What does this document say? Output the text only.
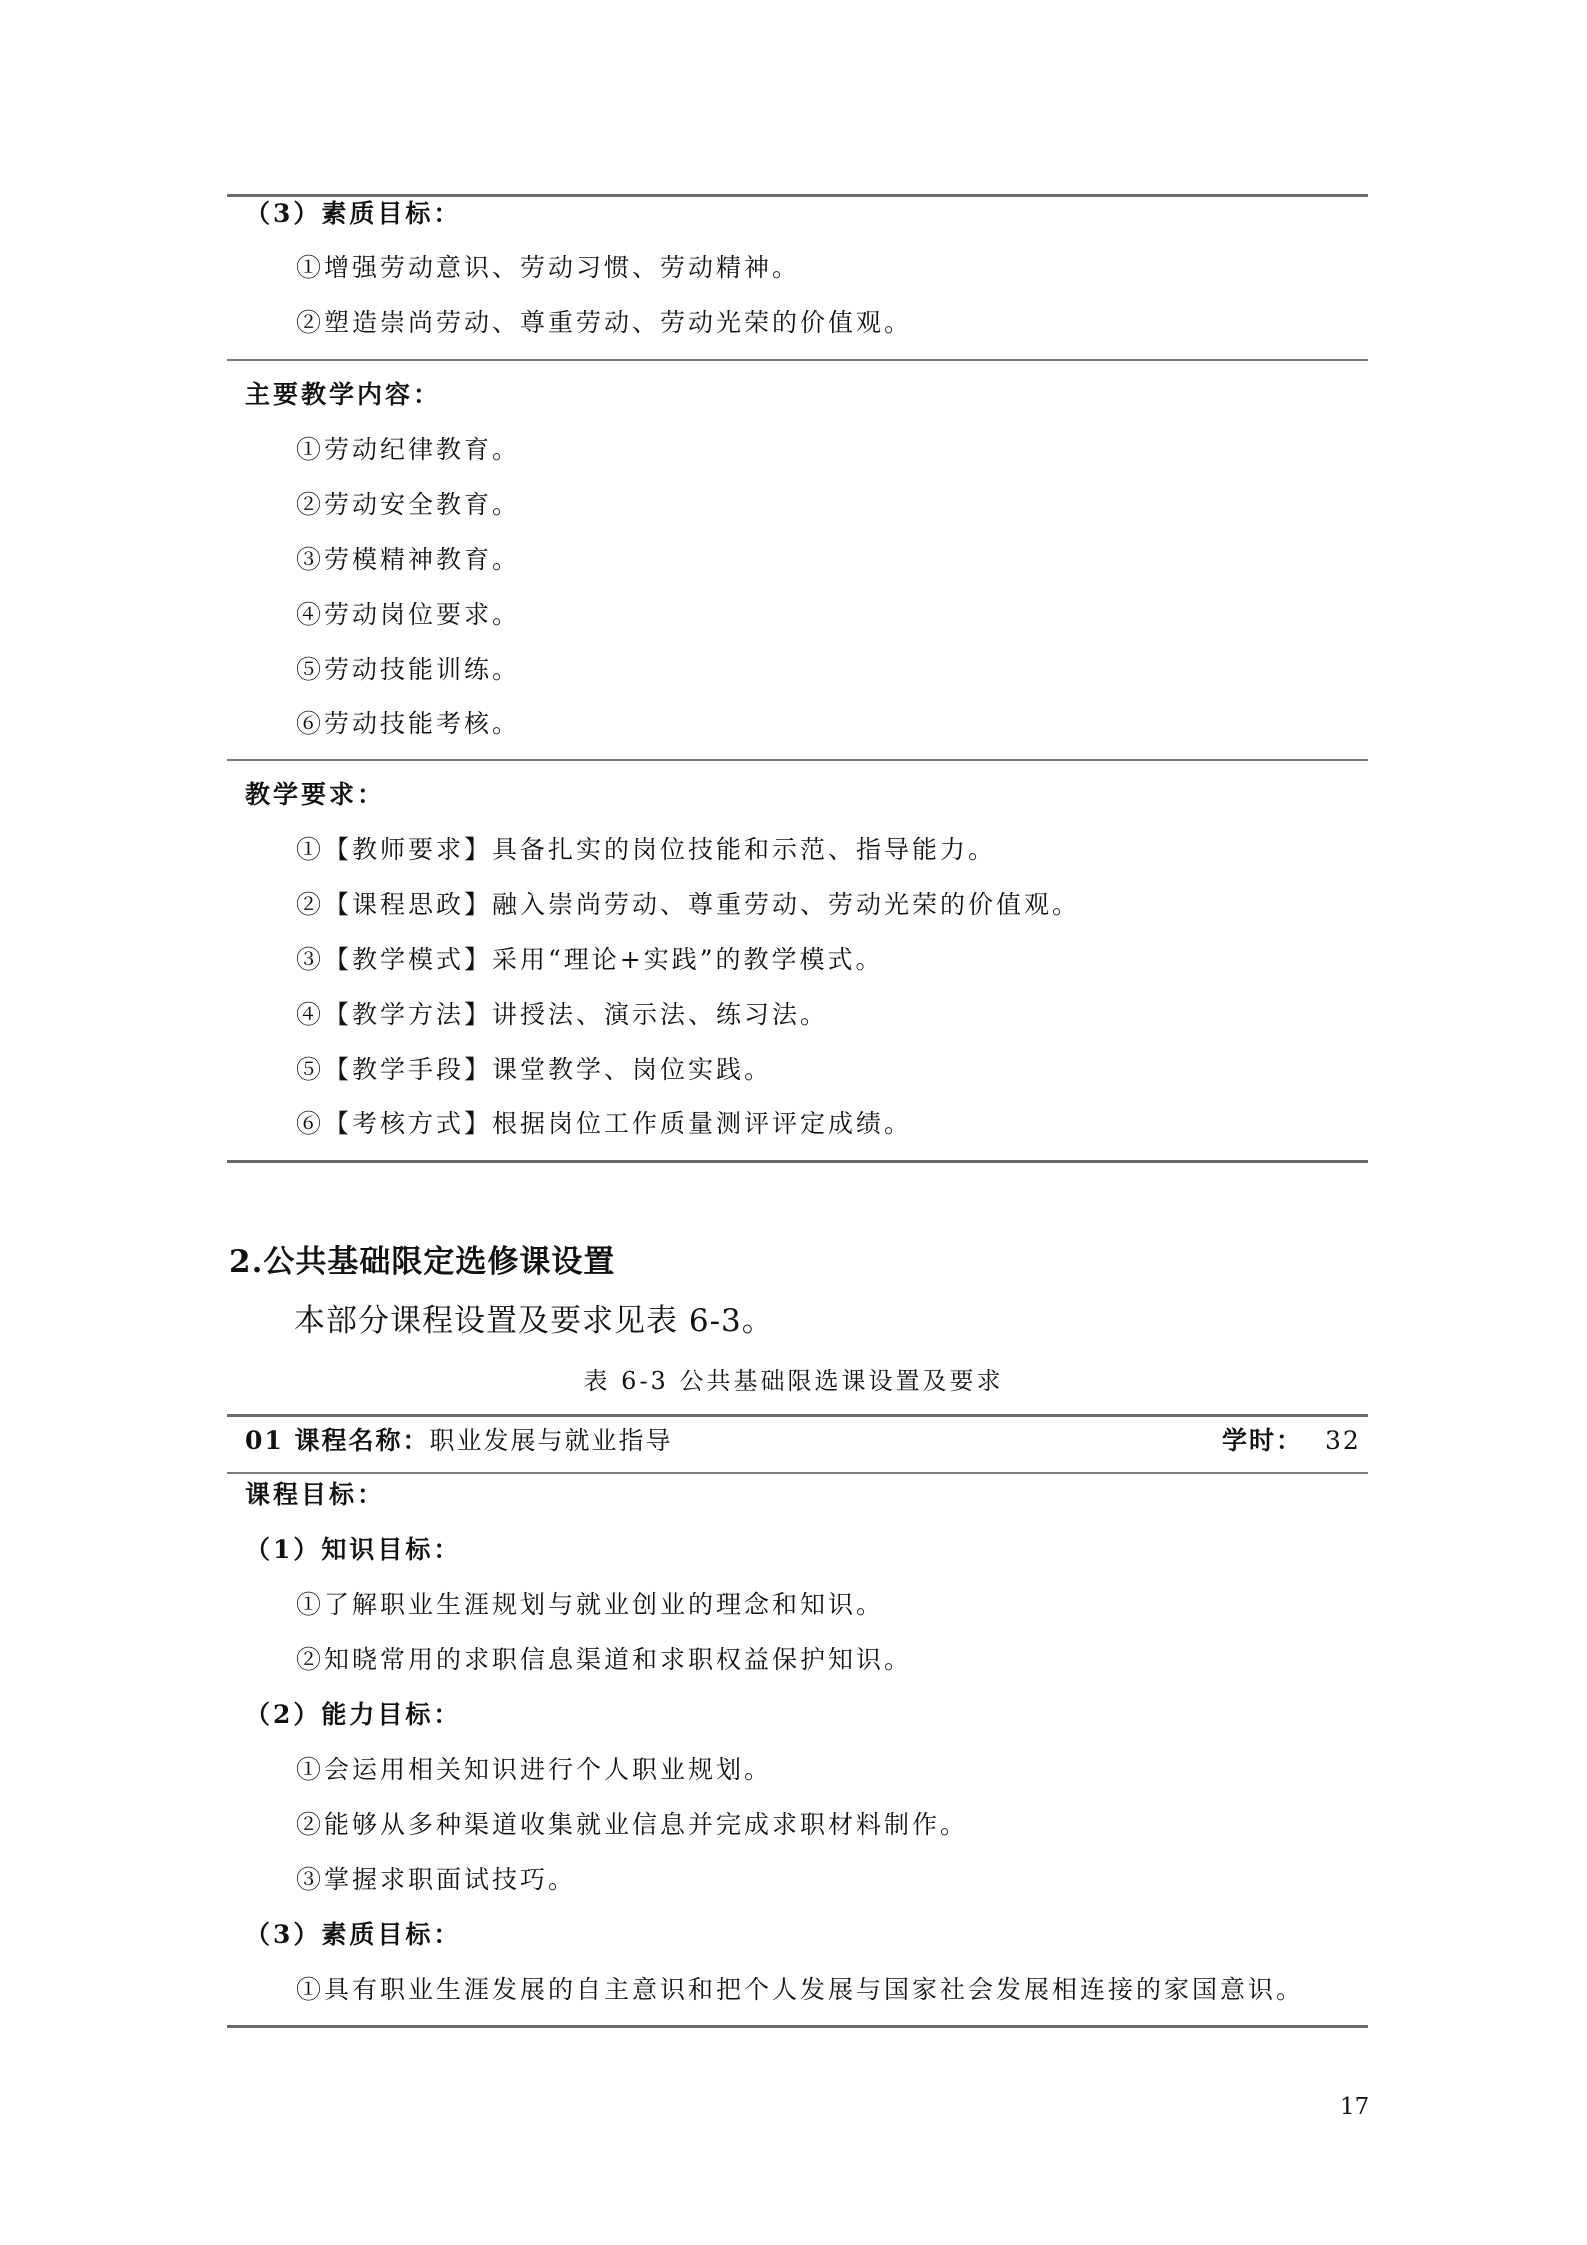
（3）素质目标：
①增强劳动意识、劳动习惯、劳动精神。
②塑造崇尚劳动、尊重劳动、劳动光荣的价值观。
主要教学内容：
①劳动纪律教育。
②劳动安全教育。
③劳模精神教育。
④劳动岗位要求。
⑤劳动技能训练。
⑥劳动技能考核。
教学要求：
①【教师要求】具备扎实的岗位技能和示范、指导能力。
②【课程思政】融入崇尚劳动、尊重劳动、劳动光荣的价值观。
③【教学模式】采用“理论+实践”的教学模式。
④【教学方法】讲授法、演示法、练习法。
⑤【教学手段】课堂教学、岗位实践。
⑥【考核方式】根据岗位工作质量测评评定成绩。
2.公共基础限定选修课设置
本部分课程设置及要求见表 6-3。
表 6-3 公共基础限选课设置及要求
01 课程名称：职业发展与就业指导	学时： 32
课程目标：
（1）知识目标：
①了解职业生涯规划与就业创业的理念和知识。
②知晓常用的求职信息渠道和求职权益保护知识。
（2）能力目标：
①会运用相关知识进行个人职业规划。
②能够从多种渠道收集就业信息并完成求职材料制作。
③掌握求职面试技巧。
（3）素质目标：
①具有职业生涯发展的自主意识和把个人发展与国家社会发展相连接的家国意识。
17
